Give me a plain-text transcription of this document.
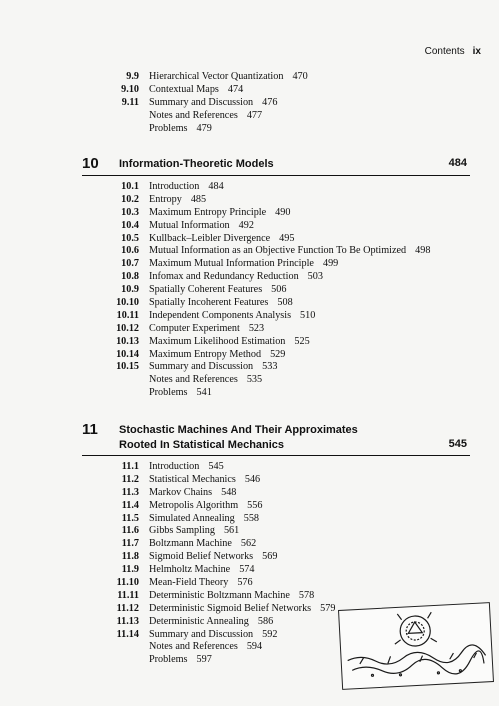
Contents ix
9.9 Hierarchical Vector Quantization 470
9.10 Contextual Maps 474
9.11 Summary and Discussion 476
Notes and References 477
Problems 479
10 Information-Theoretic Models	484
10.1 Introduction 484
10.2 Entropy 485
10.3 Maximum Entropy Principle 490
10.4 Mutual Information 492
10.5 Kullback–Leibler Divergence 495
10.6 Mutual Information as an Objective Function To Be Optimized 498
10.7 Maximum Mutual Information Principle 499
10.8 Infomax and Redundancy Reduction 503
10.9 Spatially Coherent Features 506
10.10 Spatially Incoherent Features 508
10.11 Independent Components Analysis 510
10.12 Computer Experiment 523
10.13 Maximum Likelihood Estimation 525
10.14 Maximum Entropy Method 529
10.15 Summary and Discussion 533
Notes and References 535
Problems 541
11 Stochastic Machines And Their Approximates
Rooted In Statistical Mechanics	545
11.1 Introduction 545
11.2 Statistical Mechanics 546
11.3 Markov Chains 548
11.4 Metropolis Algorithm 556
11.5 Simulated Annealing 558
11.6 Gibbs Sampling 561
11.7 Boltzmann Machine 562
11.8 Sigmoid Belief Networks 569
11.9 Helmholtz Machine 574
11.10 Mean-Field Theory 576
11.11 Deterministic Boltzmann Machine 578
11.12 Deterministic Sigmoid Belief Networks 579
11.13 Deterministic Annealing 586
11.14 Summary and Discussion 592
Notes and References 594
Problems 597
